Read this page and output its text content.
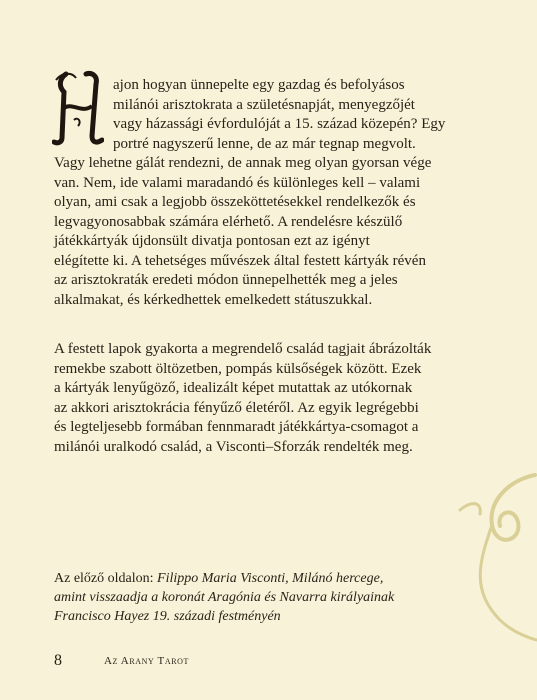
ajon hogyan ünnepelte egy gazdag és befolyásos
milánói arisztokrata a születésnapját, menyegzőjét
vagy házassági évfordulóját a 15. század közepén? Egy
portré nagyszerű lenne, de az már tegnap megvolt.
Vagy lehetne gálát rendezni, de annak meg olyan gyorsan vége
van. Nem, ide valami maradandó és különleges kell – valami
olyan, ami csak a legjobb összeköttetésekkel rendelkezők és
legvagyonosabbak számára elérhető. A rendelésre készülő
játékkártyák újdonsült divatja pontosan ezt az igényt
elégítette ki. A tehetséges művészek által festett kártyák révén
az arisztokraták eredeti módon ünnepelhették meg a jeles
alkalmakat, és kérkedhettek emelkedett státuszukkal.
A festett lapok gyakorta a megrendelő család tagjait ábrázolták
remekbe szabott öltözetben, pompás külsőségek között. Ezek
a kártyák lenyűgöző, idealizált képet mutattak az utókornak
az akkori arisztokrácia fényűző életéről. Az egyik legrégebbi
és legteljesebb formában fennmaradt játékkártya-csomagot a
milánói uralkodó család, a Visconti–Sforzák rendelték meg.
Az előző oldalon: Filippo Maria Visconti, Milánó hercege,
amint visszaadja a koronát Aragónia és Navarra királyainak
Francisco Hayez 19. századi festményén
8	Az Arany Tarot
